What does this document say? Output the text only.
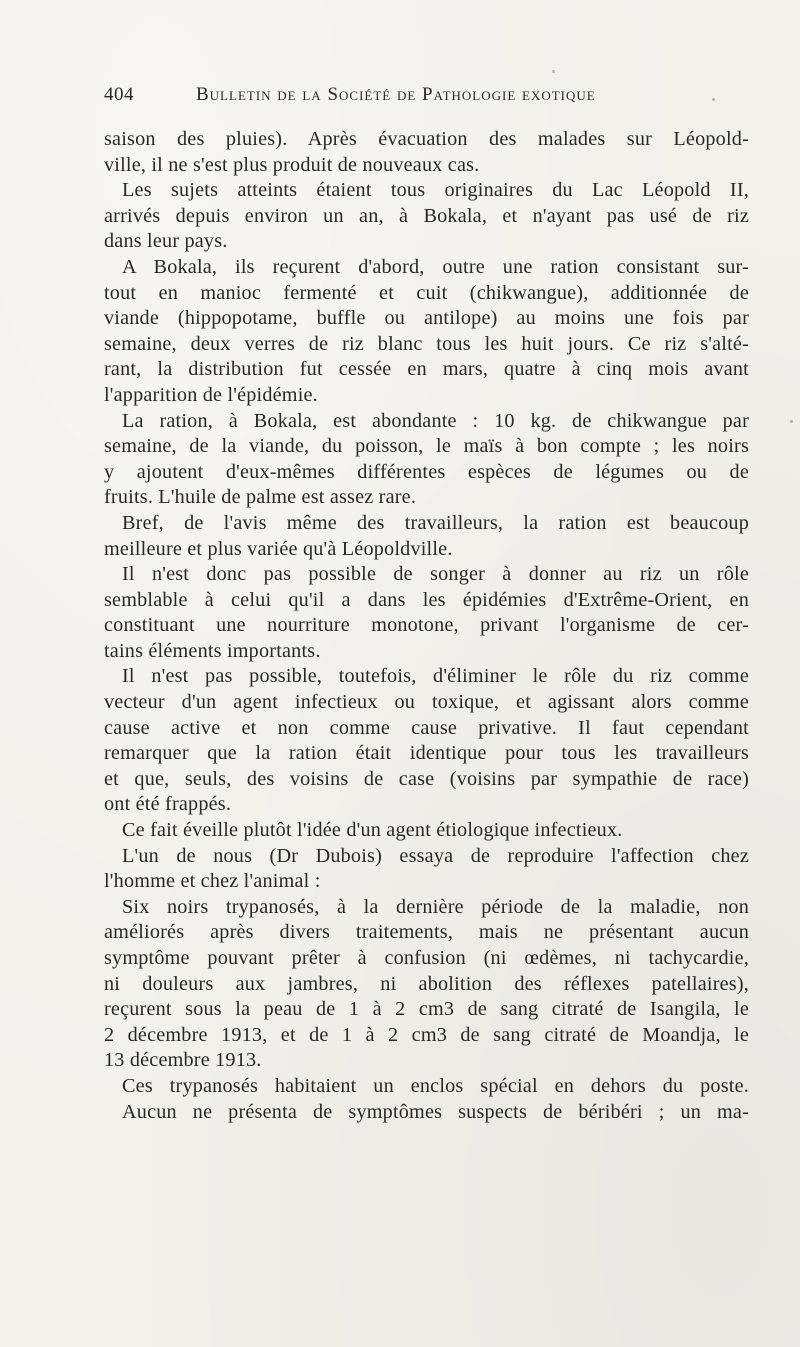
404	Bulletin de la Société de Pathologie exotique
saison des pluies). Après évacuation des malades sur Léopold-
ville, il ne s'est plus produit de nouveaux cas.
Les sujets atteints étaient tous originaires du Lac Léopold II,
arrivés depuis environ un an, à Bokala, et n'ayant pas usé de riz
dans leur pays.
A Bokala, ils reçurent d'abord, outre une ration consistant sur-
tout en manioc fermenté et cuit (chikwangue), additionnée de
viande (hippopotame, buffle ou antilope) au moins une fois par
semaine, deux verres de riz blanc tous les huit jours. Ce riz s'alté-
rant, la distribution fut cessée en mars, quatre à cinq mois avant
l'apparition de l'épidémie.
La ration, à Bokala, est abondante : 10 kg. de chikwangue par
semaine, de la viande, du poisson, le maïs à bon compte ; les noirs
y ajoutent d'eux-mêmes différentes espèces de légumes ou de
fruits. L'huile de palme est assez rare.
Bref, de l'avis même des travailleurs, la ration est beaucoup
meilleure et plus variée qu'à Léopoldville.
Il n'est donc pas possible de songer à donner au riz un rôle
semblable à celui qu'il a dans les épidémies d'Extrême-Orient, en
constituant une nourriture monotone, privant l'organisme de cer-
tains éléments importants.
Il n'est pas possible, toutefois, d'éliminer le rôle du riz comme
vecteur d'un agent infectieux ou toxique, et agissant alors comme
cause active et non comme cause privative. Il faut cependant
remarquer que la ration était identique pour tous les travailleurs
et que, seuls, des voisins de case (voisins par sympathie de race)
ont été frappés.
Ce fait éveille plutôt l'idée d'un agent étiologique infectieux.
L'un de nous (Dr Dubois) essaya de reproduire l'affection chez
l'homme et chez l'animal :
Six noirs trypanosés, à la dernière période de la maladie, non
améliorés après divers traitements, mais ne présentant aucun
symptôme pouvant prêter à confusion (ni œdèmes, ni tachycardie,
ni douleurs aux jambres, ni abolition des réflexes patellaires),
reçurent sous la peau de 1 à 2 cm3 de sang citraté de Isangila, le
2 décembre 1913, et de 1 à 2 cm3 de sang citraté de Moandja, le
13 décembre 1913.
Ces trypanosés habitaient un enclos spécial en dehors du poste.
Aucun ne présenta de symptômes suspects de béribéri ; un ma-
